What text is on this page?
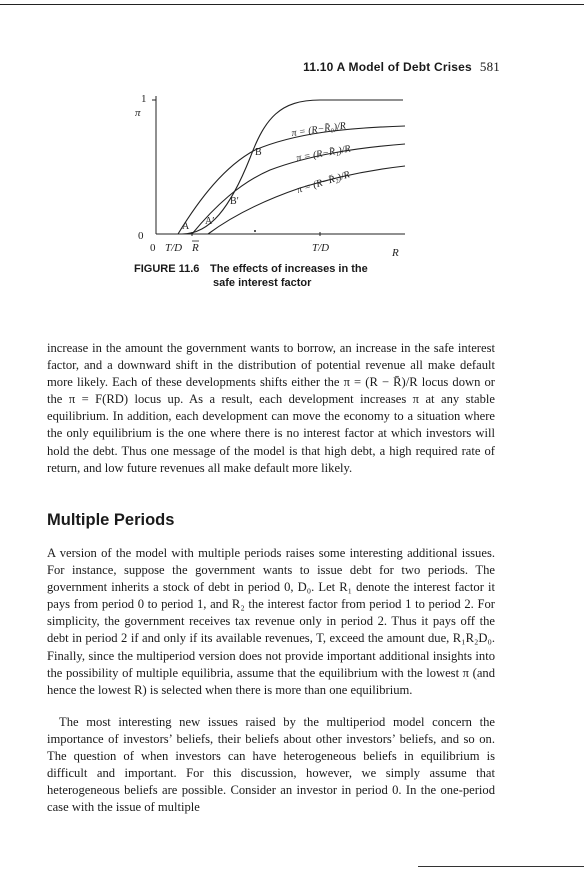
11.10 A Model of Debt Crises 581
1
π
0
0 T/D R	T/D	R
A A′
B′
B
π = (R−R̄₀)/R
π = (R−R̄₁)/R
π = (R−R̄₂)/R
FIGURE 11.6 The effects of increases in the
safe interest factor

increase in the amount the government wants to borrow, an increase in the safe interest factor, and a downward shift in the distribution of potential revenue all make default more likely. Each of these developments shifts either the π = (R − R̄)/R locus down or the π = F(RD) locus up. As a result, each development increases π at any stable equilibrium. In addition, each development can move the economy to a situation where the only equilibrium is the one where there is no interest factor at which investors will hold the debt. Thus one message of the model is that high debt, a high required rate of return, and low future revenues all make default more likely.

Multiple Periods

A version of the model with multiple periods raises some interesting additional issues. For instance, suppose the government wants to issue debt for two periods. The government inherits a stock of debt in period 0, D₀. Let R₁ denote the interest factor it pays from period 0 to period 1, and R₂ the interest factor from period 1 to period 2. For simplicity, the government receives tax revenue only in period 2. Thus it pays off the debt in period 2 if and only if its available revenues, T, exceed the amount due, R₁R₂D₀. Finally, since the multiperiod version does not provide important additional insights into the possibility of multiple equilibria, assume that the equilibrium with the lowest π (and hence the lowest R) is selected when there is more than one equilibrium.

The most interesting new issues raised by the multiperiod model concern the importance of investors’ beliefs, their beliefs about other investors’ beliefs, and so on. The question of when investors can have heterogeneous beliefs in equilibrium is difficult and important. For this discussion, however, we simply assume that heterogeneous beliefs are possible. Consider an investor in period 0. In the one-period case with the issue of multiple
